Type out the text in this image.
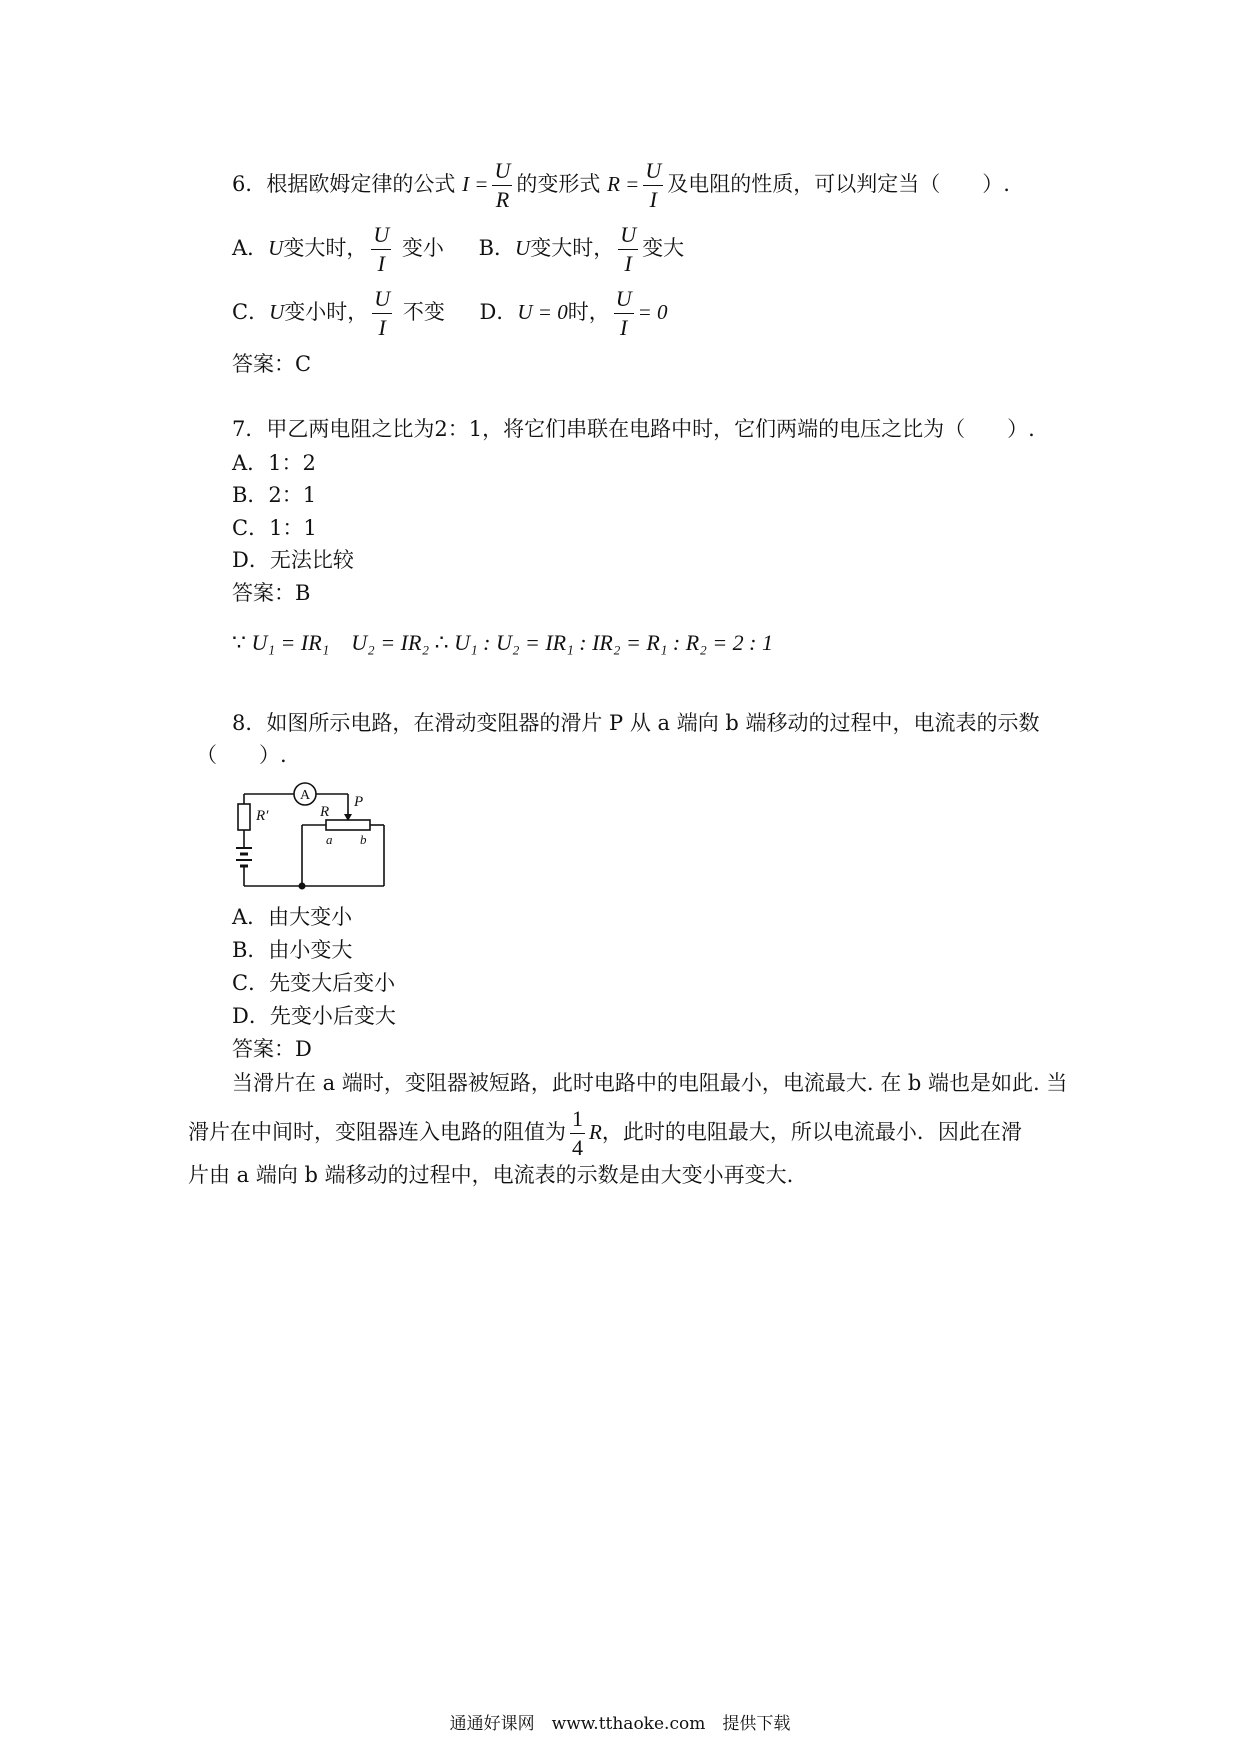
6．根据欧姆定律的公式 $I = \frac{U}{R}$ 的变形式 $R = \frac{U}{I}$ 及电阻的性质，可以判定当（　　）.
A．U变大时， $\frac{U}{I}$ 变小 B．U变大时， $\frac{U}{I}$ 变大
C．U变小时， $\frac{U}{I}$ 不变 D．U = 0时， $\frac{U}{I} = 0$
答案：C
7．甲乙两电阻之比为2：1，将它们串联在电路中时，它们两端的电压之比为（　　）.
A．1：2
B．2：1
C．1：1
D．无法比较
答案：B
∵ U₁ = IR₁ U₂ = IR₂ ∴ U₁ : U₂ = IR₁ : IR₂ = R₁ : R₂ = 2 : 1
8．如图所示电路，在滑动变阻器的滑片 P 从 a 端向 b 端移动的过程中，电流表的示数
（　　）.
A
R′
P
R
a b
A．由大变小
B．由小变大
C．先变大后变小
D．先变小后变大
答案：D
当滑片在 a 端时，变阻器被短路，此时电路中的电阻最小，电流最大. 在 b 端也是如此. 当
滑片在中间时，变阻器连入电路的阻值为 $\frac{1}{4}$ R，此时的电阻最大，所以电流最小．因此在滑
片由 a 端向 b 端移动的过程中，电流表的示数是由大变小再变大.
通通好课网　www.tthaoke.com　提供下载
